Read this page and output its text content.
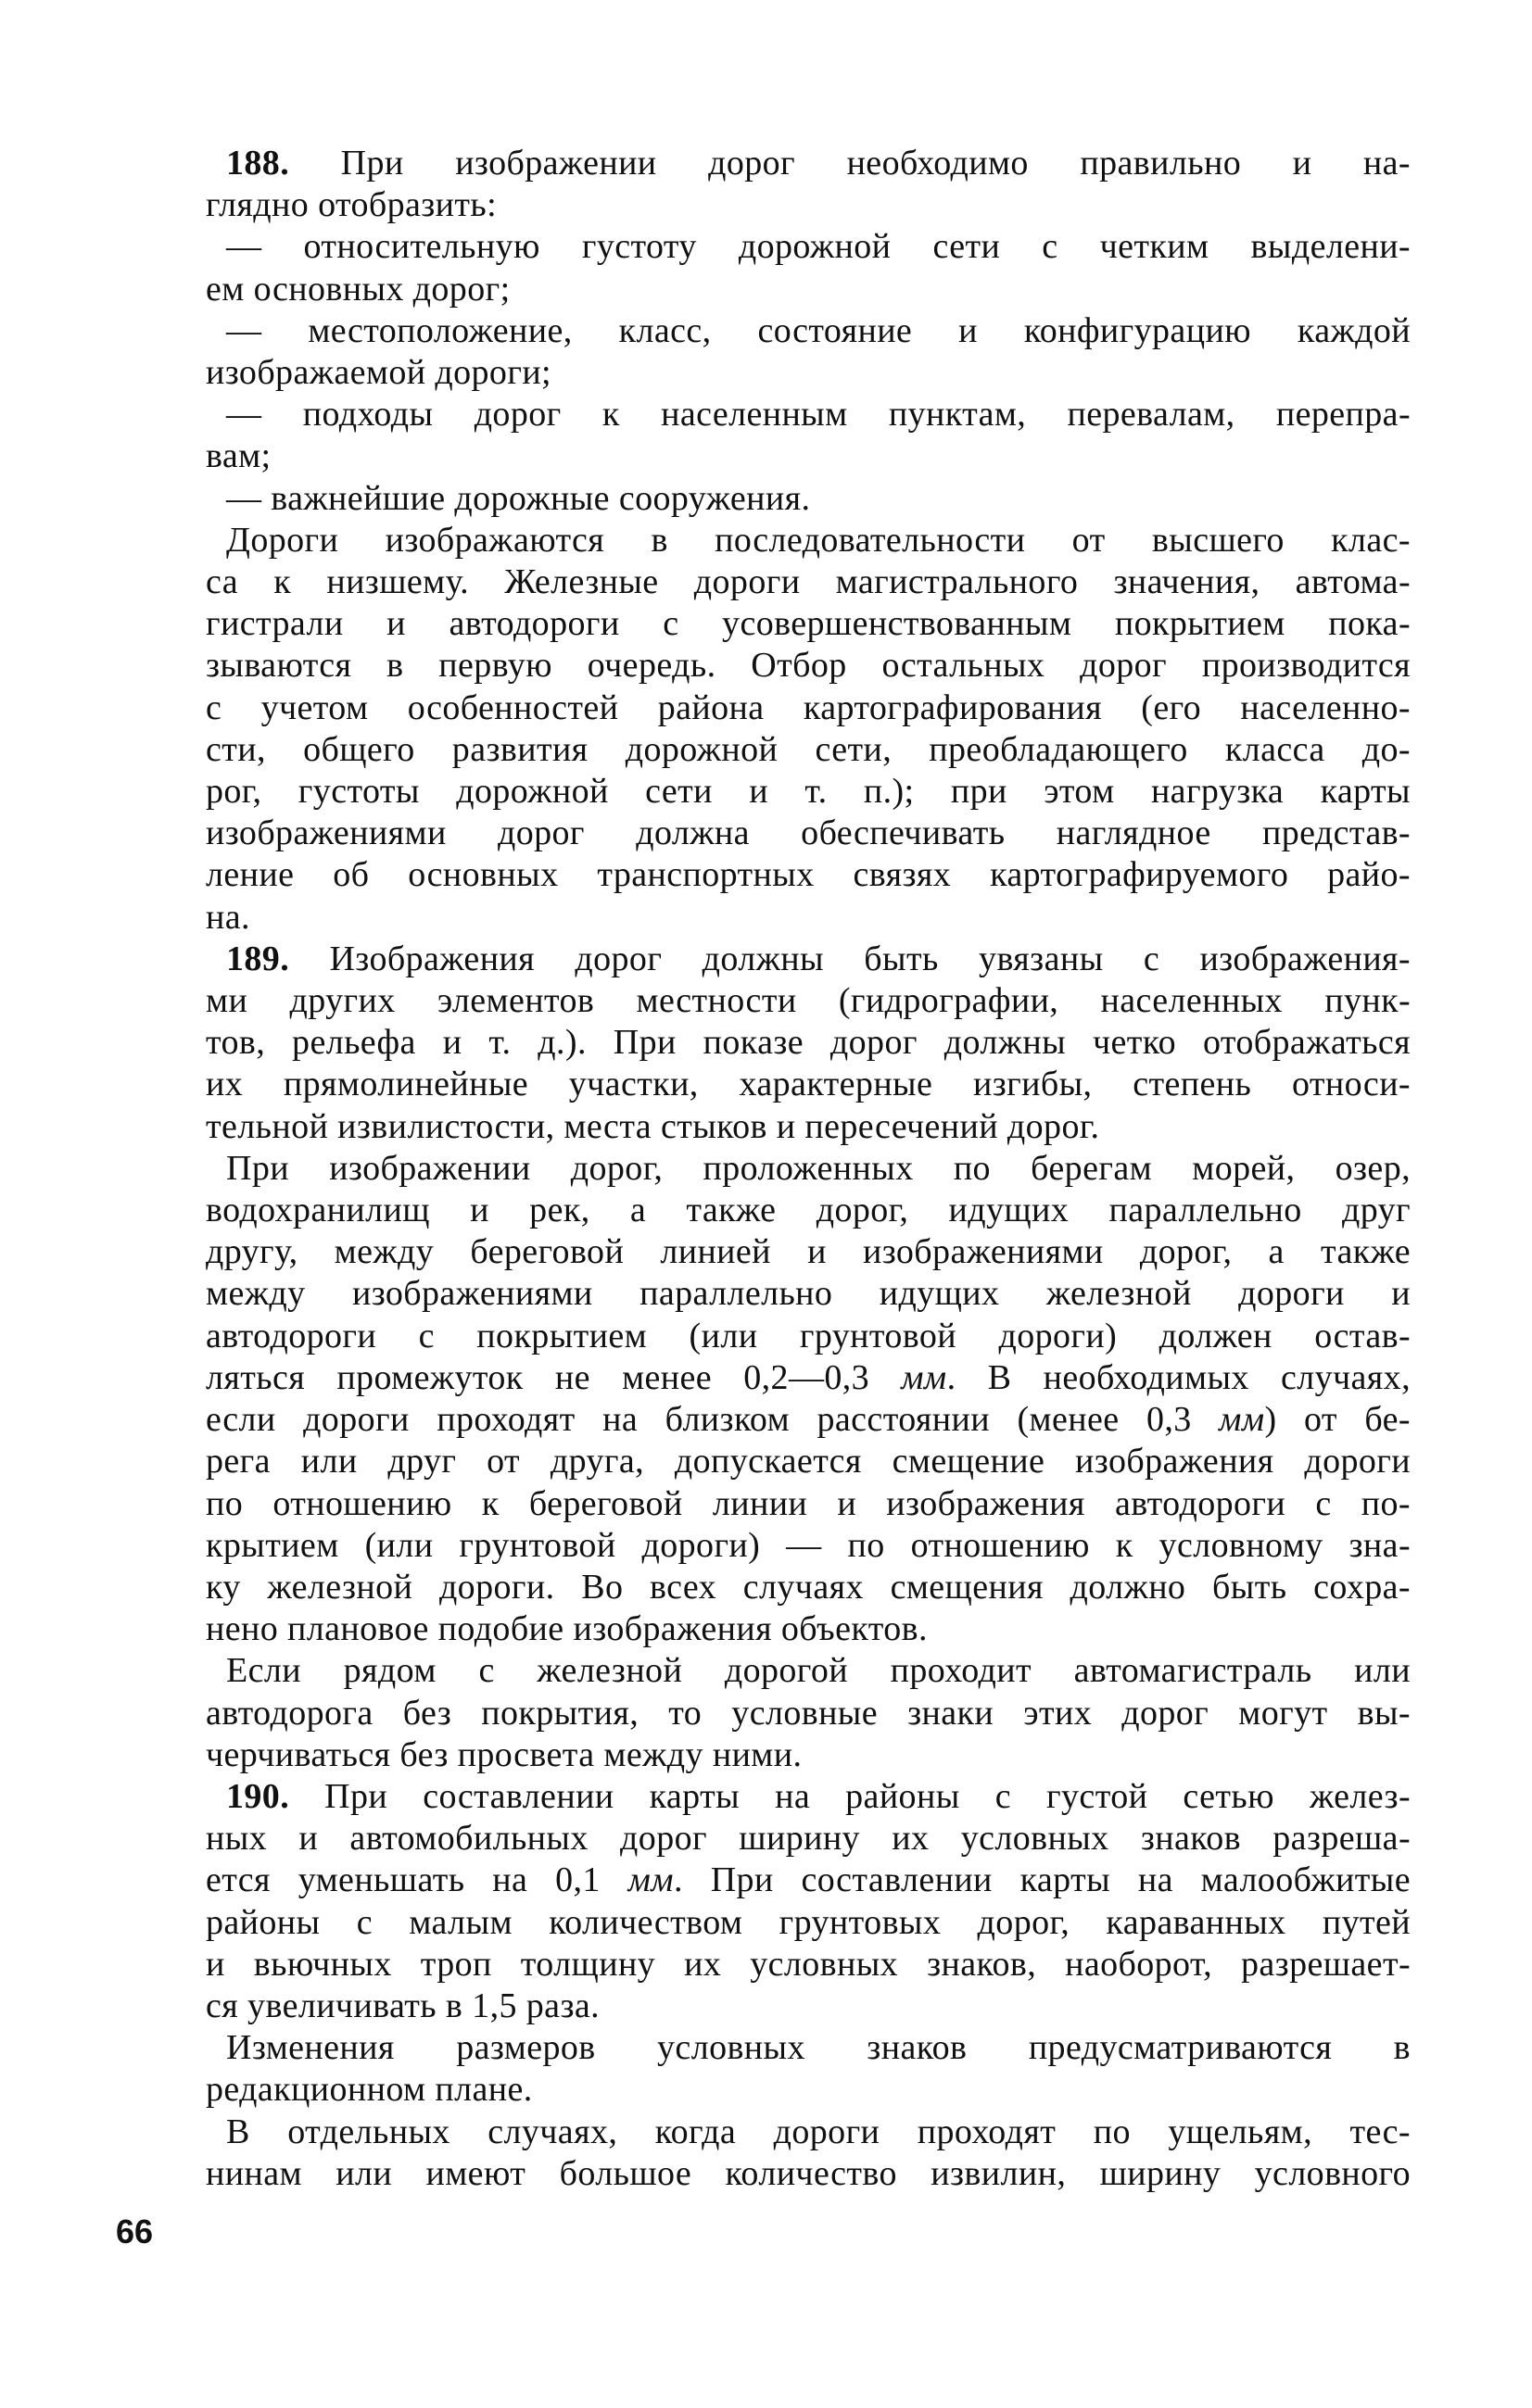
188. При изображении дорог необходимо правильно и на-
глядно отобразить:
— относительную густоту дорожной сети с четким выделени-
ем основных дорог;
— местоположение, класс, состояние и конфигурацию каждой
изображаемой дороги;
— подходы дорог к населенным пунктам, перевалам, перепра-
вам;
— важнейшие дорожные сооружения.
Дороги изображаются в последовательности от высшего клас-
са к низшему. Железные дороги магистрального значения, автома-
гистрали и автодороги с усовершенствованным покрытием пока-
зываются в первую очередь. Отбор остальных дорог производится
с учетом особенностей района картографирования (его населенно-
сти, общего развития дорожной сети, преобладающего класса до-
рог, густоты дорожной сети и т. п.); при этом нагрузка карты
изображениями дорог должна обеспечивать наглядное представ-
ление об основных транспортных связях картографируемого райо-
на.
189. Изображения дорог должны быть увязаны с изображения-
ми других элементов местности (гидрографии, населенных пунк-
тов, рельефа и т. д.). При показе дорог должны четко отображаться
их прямолинейные участки, характерные изгибы, степень относи-
тельной извилистости, места стыков и пересечений дорог.
При изображении дорог, проложенных по берегам морей, озер,
водохранилищ и рек, а также дорог, идущих параллельно друг
другу, между береговой линией и изображениями дорог, а также
между изображениями параллельно идущих железной дороги и
автодороги с покрытием (или грунтовой дороги) должен остав-
ляться промежуток не менее 0,2—0,3 мм. В необходимых случаях,
если дороги проходят на близком расстоянии (менее 0,3 мм) от бе-
рега или друг от друга, допускается смещение изображения дороги
по отношению к береговой линии и изображения автодороги с по-
крытием (или грунтовой дороги) — по отношению к условному зна-
ку железной дороги. Во всех случаях смещения должно быть сохра-
нено плановое подобие изображения объектов.
Если рядом с железной дорогой проходит автомагистраль или
автодорога без покрытия, то условные знаки этих дорог могут вы-
черчиваться без просвета между ними.
190. При составлении карты на районы с густой сетью желез-
ных и автомобильных дорог ширину их условных знаков разреша-
ется уменьшать на 0,1 мм. При составлении карты на малообжитые
районы с малым количеством грунтовых дорог, караванных путей
и вьючных троп толщину их условных знаков, наоборот, разрешает-
ся увеличивать в 1,5 раза.
Изменения размеров условных знаков предусматриваются в
редакционном плане.
В отдельных случаях, когда дороги проходят по ущельям, тес-
нинам или имеют большое количество извилин, ширину условного
66
